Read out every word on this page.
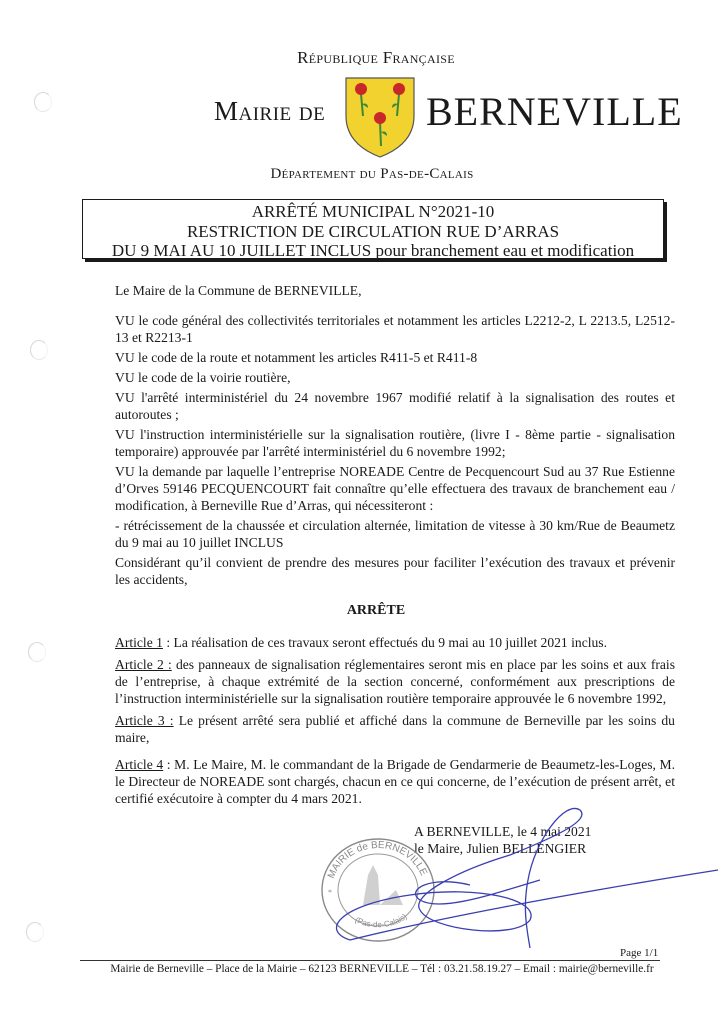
République Française
Mairie de	BERNEVILLE
Département du Pas-de-Calais
ARRÊTÉ MUNICIPAL N°2021-10
RESTRICTION DE CIRCULATION RUE D’ARRAS
DU 9 MAI AU 10 JUILLET INCLUS pour branchement eau et modification

Le Maire de la Commune de BERNEVILLE,

VU le code général des collectivités territoriales et notamment les articles L2212-2, L 2213.5, L2512-13 et R2213-1

VU le code de la route et notamment les articles R411-5 et R411-8

VU le code de la voirie routière,

VU l'arrêté interministériel du 24 novembre 1967 modifié relatif à la signalisation des routes et autoroutes ;

VU l'instruction interministérielle sur la signalisation routière, (livre I - 8ème partie - signalisation temporaire) approuvée par l'arrêté interministériel du 6 novembre 1992;

VU la demande par laquelle l’entreprise NOREADE Centre de Pecquencourt Sud au 37 Rue Estienne d’Orves 59146 PECQUENCOURT fait connaître qu’elle effectuera des travaux de branchement eau / modification, à Berneville Rue d’Arras, qui nécessiteront :

- rétrécissement de la chaussée et circulation alternée, limitation de vitesse à 30 km/Rue de Beaumetz du 9 mai au 10 juillet INCLUS

Considérant qu’il convient de prendre des mesures pour faciliter l’exécution des travaux et prévenir les accidents,

ARRÊTE

Article 1 : La réalisation de ces travaux seront effectués du 9 mai au 10 juillet 2021 inclus.

Article 2 : des panneaux de signalisation réglementaires seront mis en place par les soins et aux frais de l’entreprise, à chaque extrémité de la section concerné, conformément aux prescriptions de l’instruction interministérielle sur la signalisation routière temporaire approuvée le 6 novembre 1992,

Article 3 : Le présent arrêté sera publié et affiché dans la commune de Berneville par les soins du maire,

Article 4 : M. Le Maire, M. le commandant de la Brigade de Gendarmerie de Beaumetz-les-Loges, M. le Directeur de NOREADE sont chargés, chacun en ce qui concerne, de l’exécution de présent arrêt, et certifié exécutoire à compter du 4 mars 2021.

A BERNEVILLE, le 4 mai 2021
le Maire, Julien BELLENGIER
MAIRIE de BERNEVILLE
(Pas-de-Calais)
*
Page 1/1
Mairie de Berneville – Place de la Mairie – 62123 BERNEVILLE – Tél : 03.21.58.19.27 – Email : mairie@berneville.fr
